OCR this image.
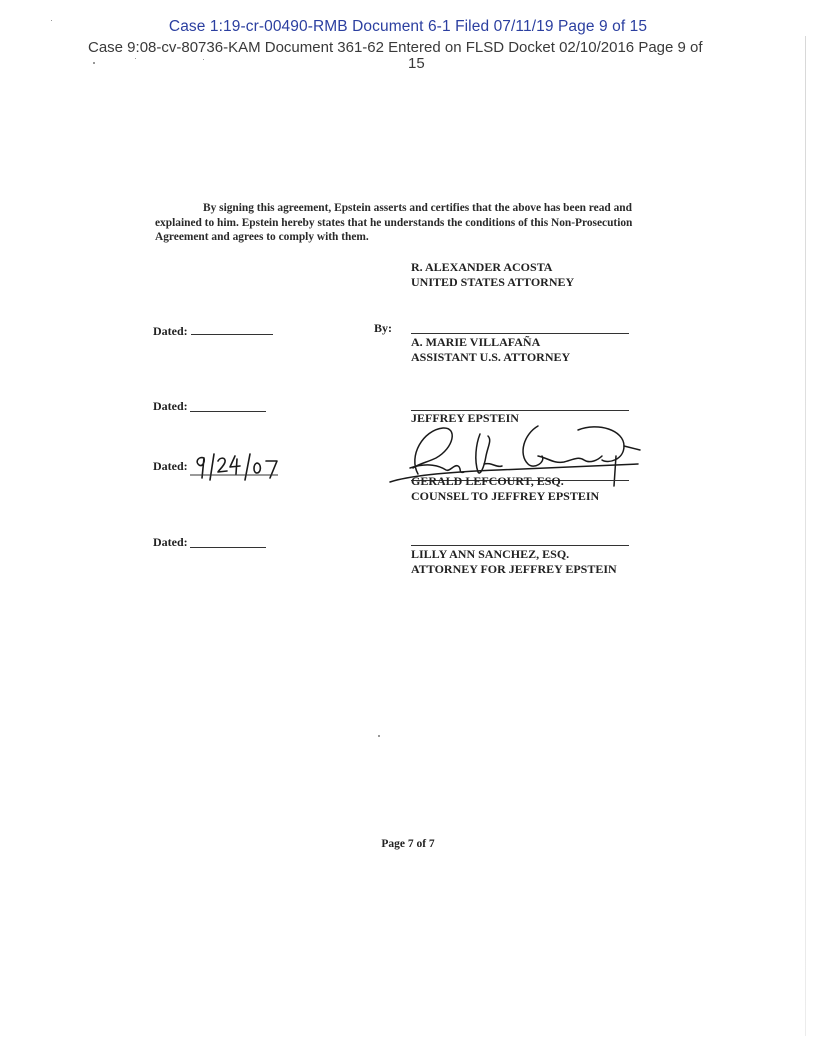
Case 1:19-cr-00490-RMB Document 6-1 Filed 07/11/19 Page 9 of 15
Case 9:08-cv-80736-KAM Document 361-62 Entered on FLSD Docket 02/10/2016 Page 9 of
15
By signing this agreement, Epstein asserts and certifies that the above has been read and explained to him. Epstein hereby states that he understands the conditions of this Non-Prosecution Agreement and agrees to comply with them.
R. ALEXANDER ACOSTA
UNITED STATES ATTORNEY
Dated:	By:
A. MARIE VILLAFAÑA
ASSISTANT U.S. ATTORNEY
Dated:
JEFFREY EPSTEIN
Dated:
GERALD LEFCOURT, ESQ.
COUNSEL TO JEFFREY EPSTEIN
Dated:
LILLY ANN SANCHEZ, ESQ.
ATTORNEY FOR JEFFREY EPSTEIN
Page 7 of 7
